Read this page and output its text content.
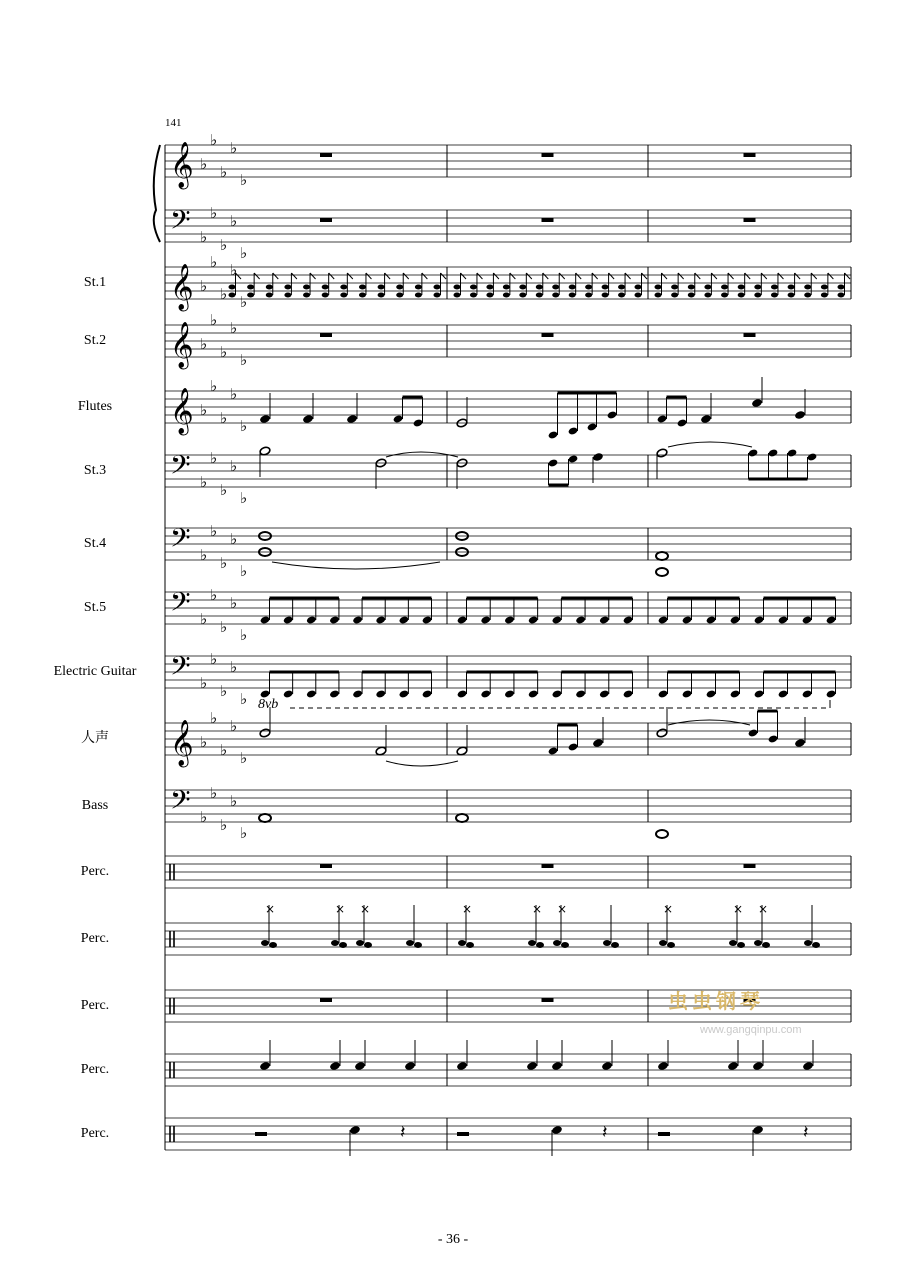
𝄞 ♭
♭
♭
♭
♭
𝄢 ♭
♭
♭
♭
♭
𝄞 ♭
♭
♭
♭
♭
𝄞 ♭
♭
♭
♭
♭
𝄞 ♭
♭
♭
♭
♭
𝄢 ♭
♭
♭
♭
♭
𝄢 ♭
♭
♭
♭
♭
𝄢 ♭
♭
♭
♭
♭
𝄢 ♭
♭
♭
♭
♭
𝄞 ♭
♭
♭
♭
♭
𝄢 ♭
♭
♭
♭
♭
×	× ×	×	× ×	×	× ×
𝄽	𝄽	𝄽
141
St.1
St.2
Flutes
St.3
St.4
St.5
Electric Guitar
人声
Bass
Perc.
Perc.
Perc.
Perc.
Perc.
8vb
虫虫钢琴
www.gangqinpu.com
- 36 -
